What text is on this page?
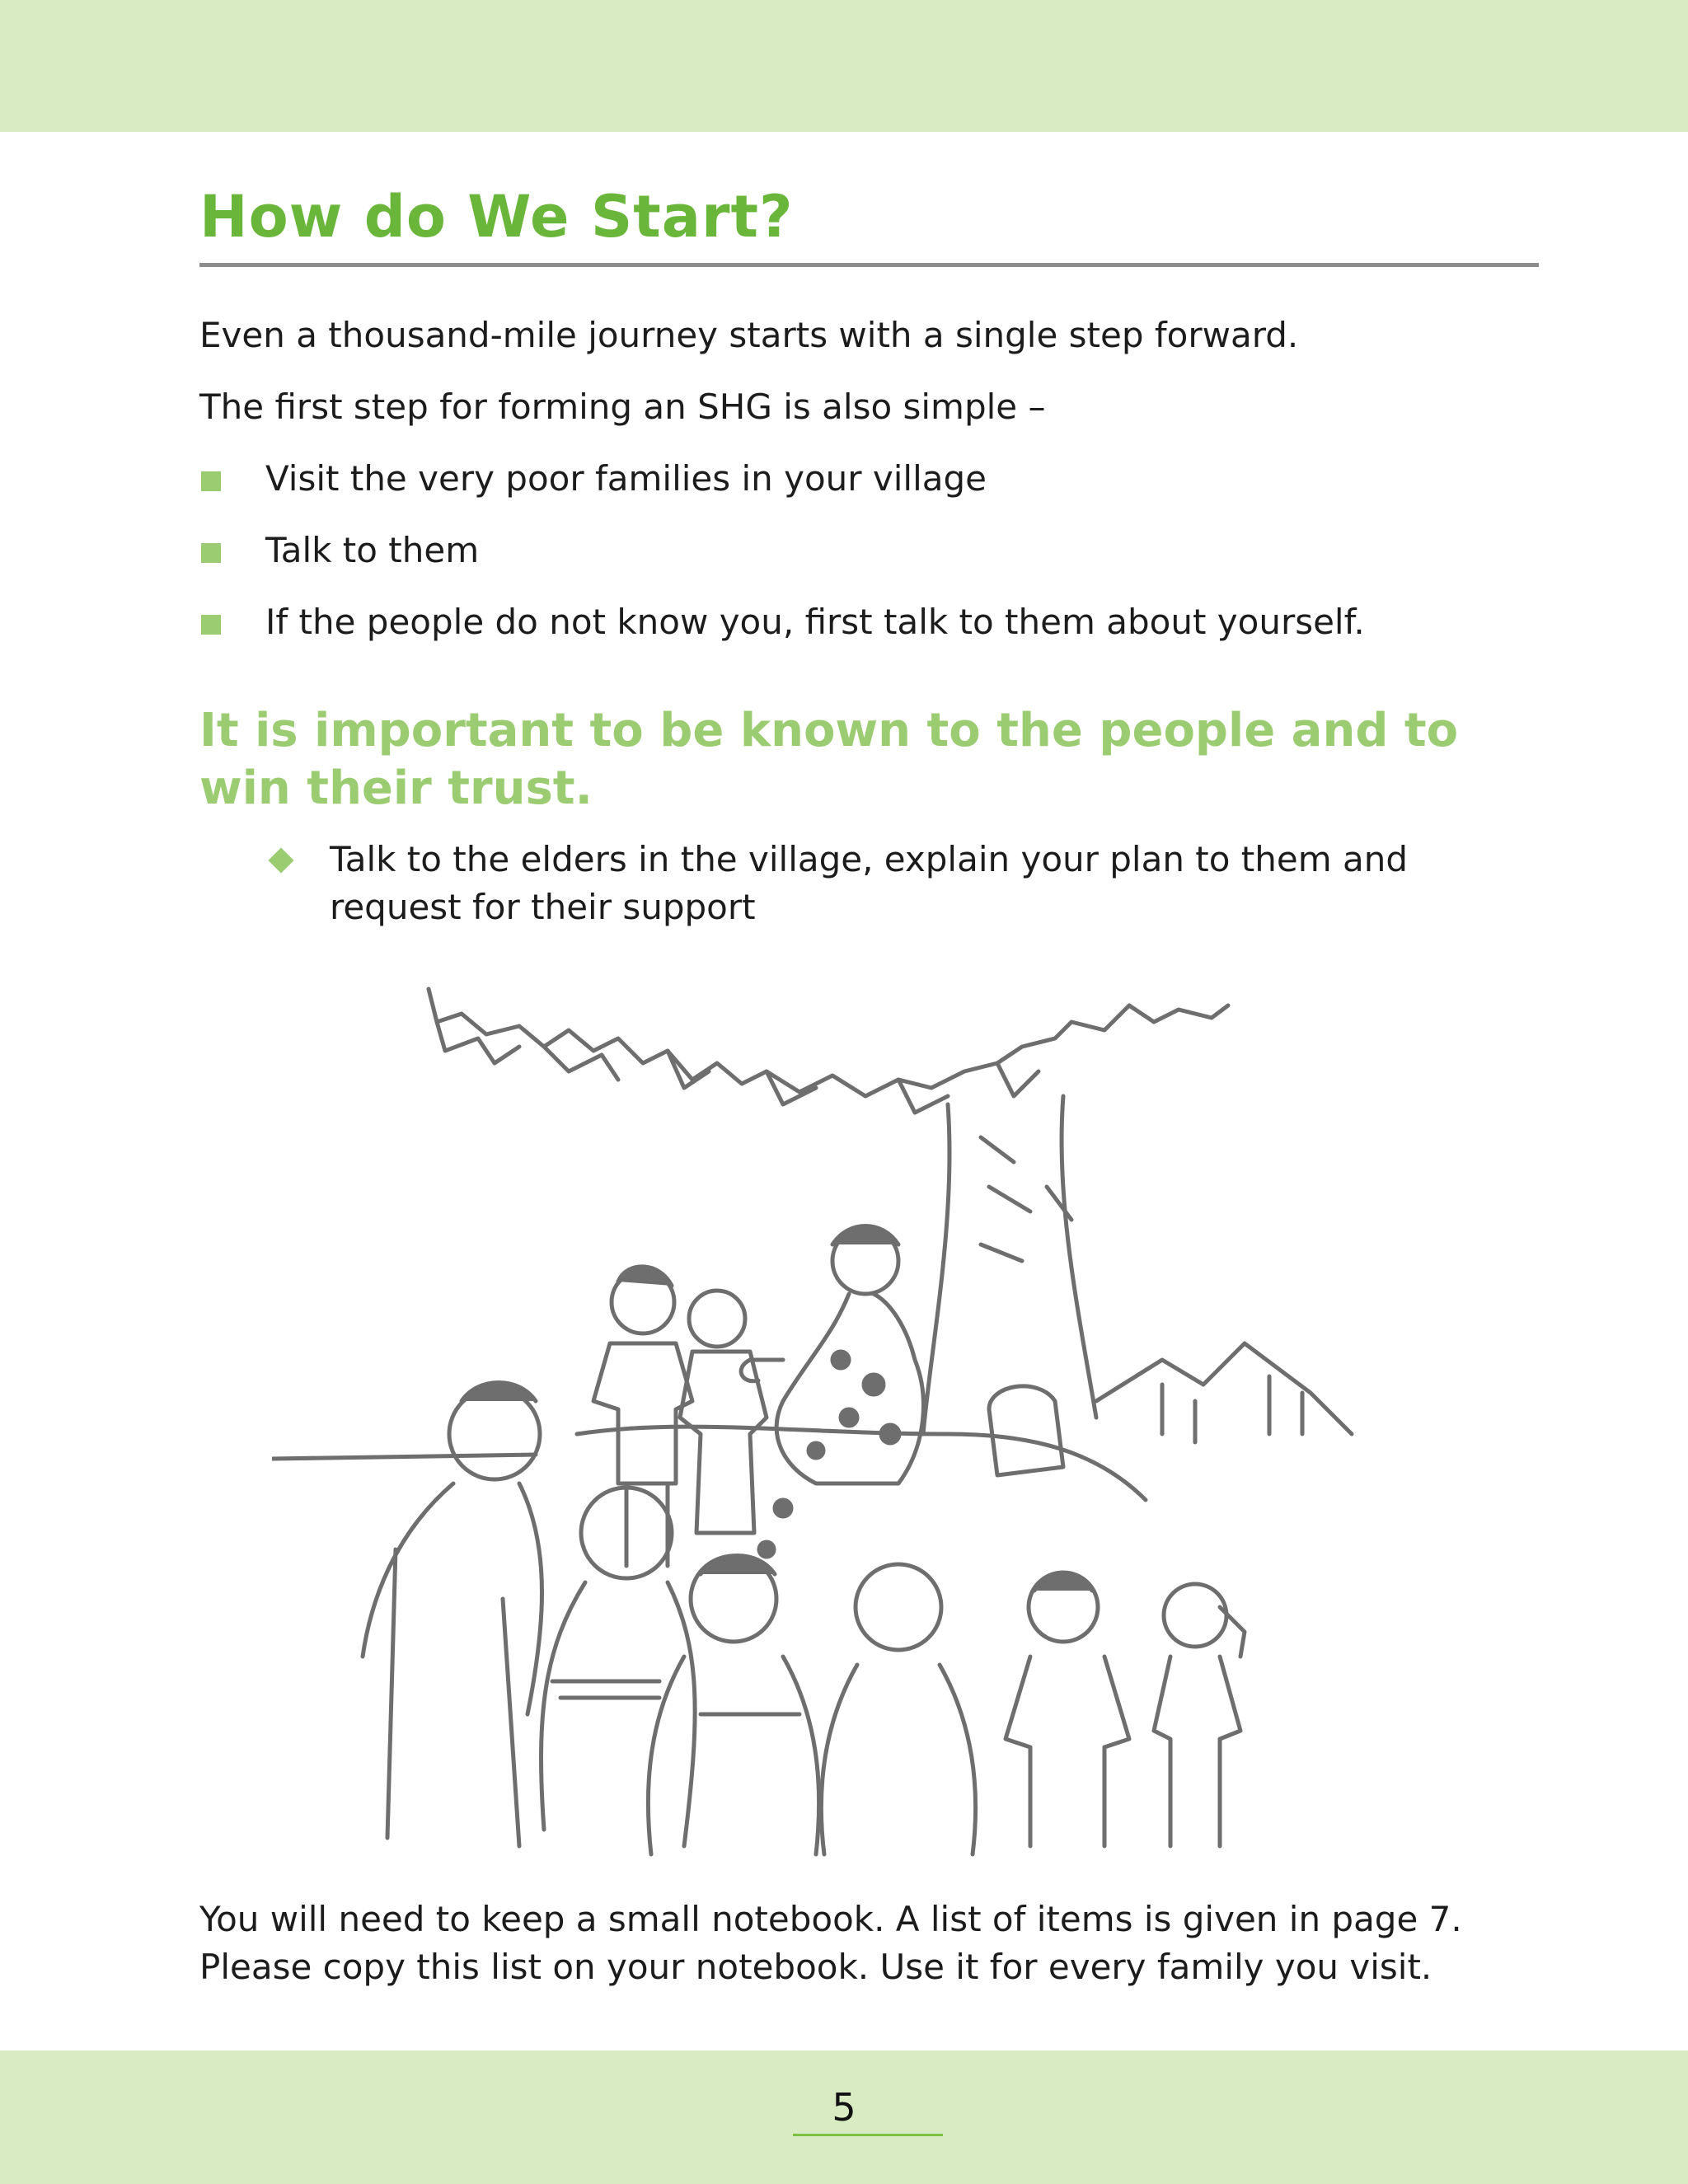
How do We Start?
Even a thousand-mile journey starts with a single step forward.
The first step for forming an SHG is also simple –
Visit the very poor families in your village
Talk to them
If the people do not know you, first talk to them about yourself.
It is important to be known to the people and to win their trust.
Talk to the elders in the village, explain your plan to them and request for their support
You will need to keep a small notebook. A list of items is given in page 7. Please copy this list on your notebook. Use it for every family you visit.
5
